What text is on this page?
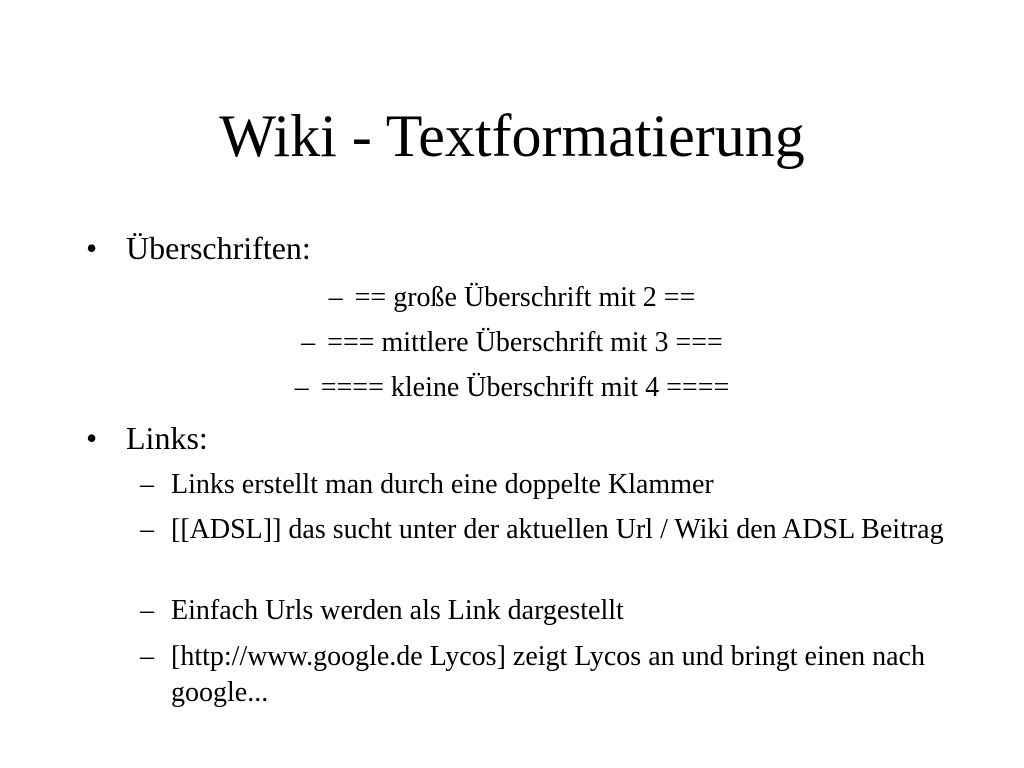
Wiki - Textformatierung
• Überschriften:
– == große Überschrift mit 2 ==
– === mittlere Überschrift mit 3 ===
– ==== kleine Überschrift mit 4 ====
• Links:
– Links erstellt man durch eine doppelte Klammer
– [[ADSL]] das sucht unter der aktuellen Url / Wiki den ADSL Beitrag
– Einfach Urls werden als Link dargestellt
– [http://www.google.de Lycos] zeigt Lycos an und bringt einen nach google...
